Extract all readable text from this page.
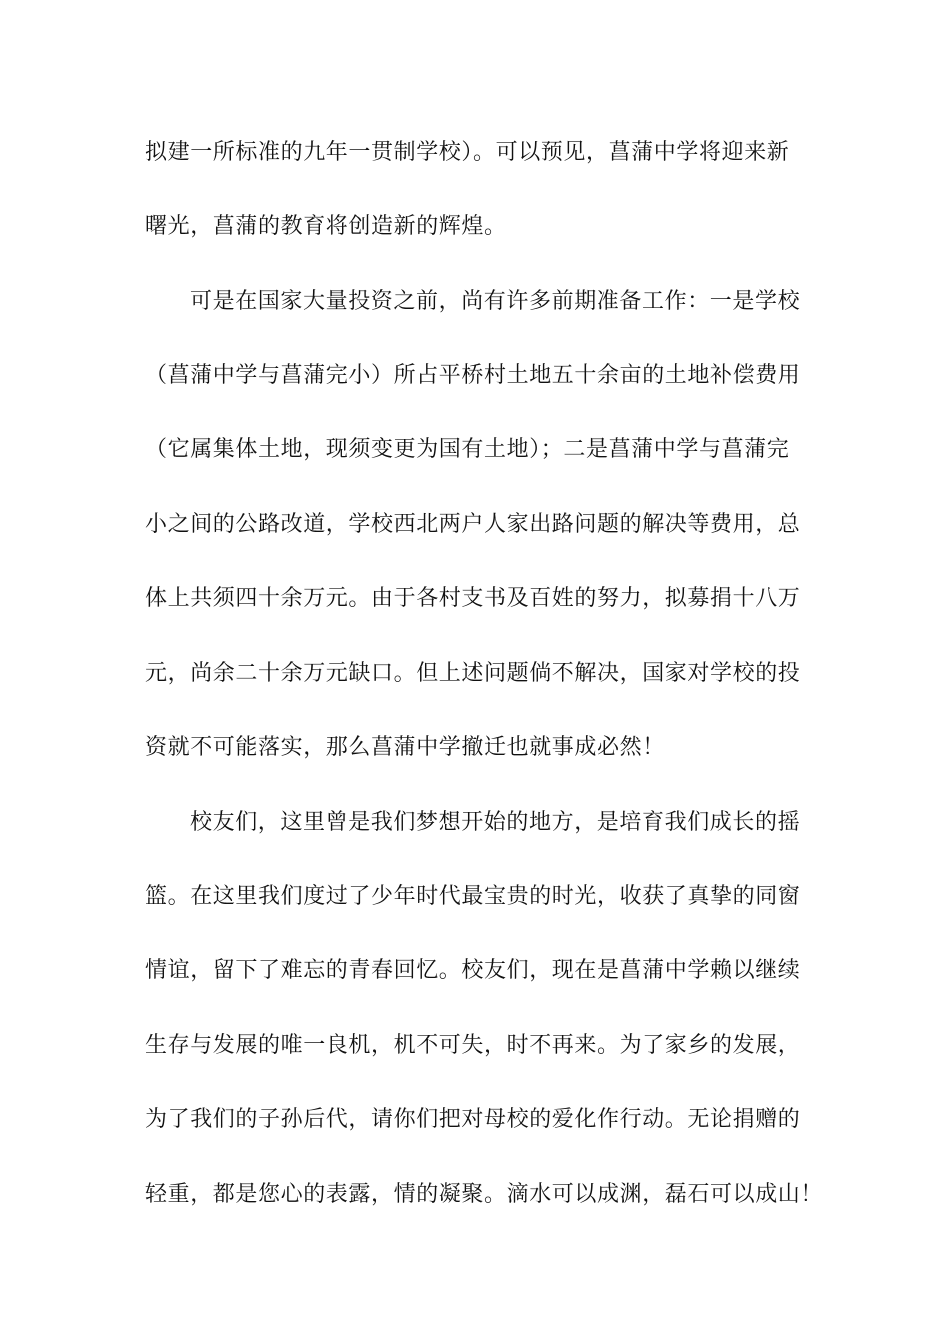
拟建一所标准的九年一贯制学校）。可以预见，菖蒲中学将迎来新
曙光，菖蒲的教育将创造新的辉煌。
可是在国家大量投资之前，尚有许多前期准备工作：一是学校
（菖蒲中学与菖蒲完小）所占平桥村土地五十余亩的土地补偿费用
（它属集体土地，现须变更为国有土地）；二是菖蒲中学与菖蒲完
小之间的公路改道，学校西北两户人家出路问题的解决等费用，总
体上共须四十余万元。由于各村支书及百姓的努力，拟募捐十八万
元，尚余二十余万元缺口。但上述问题倘不解决，国家对学校的投
资就不可能落实，那么菖蒲中学撤迁也就事成必然！
校友们，这里曾是我们梦想开始的地方，是培育我们成长的摇
篮。在这里我们度过了少年时代最宝贵的时光，收获了真挚的同窗
情谊，留下了难忘的青春回忆。校友们，现在是菖蒲中学赖以继续
生存与发展的唯一良机，机不可失，时不再来。为了家乡的发展，
为了我们的子孙后代，请你们把对母校的爱化作行动。无论捐赠的
轻重，都是您心的表露，情的凝聚。滴水可以成渊，磊石可以成山！
